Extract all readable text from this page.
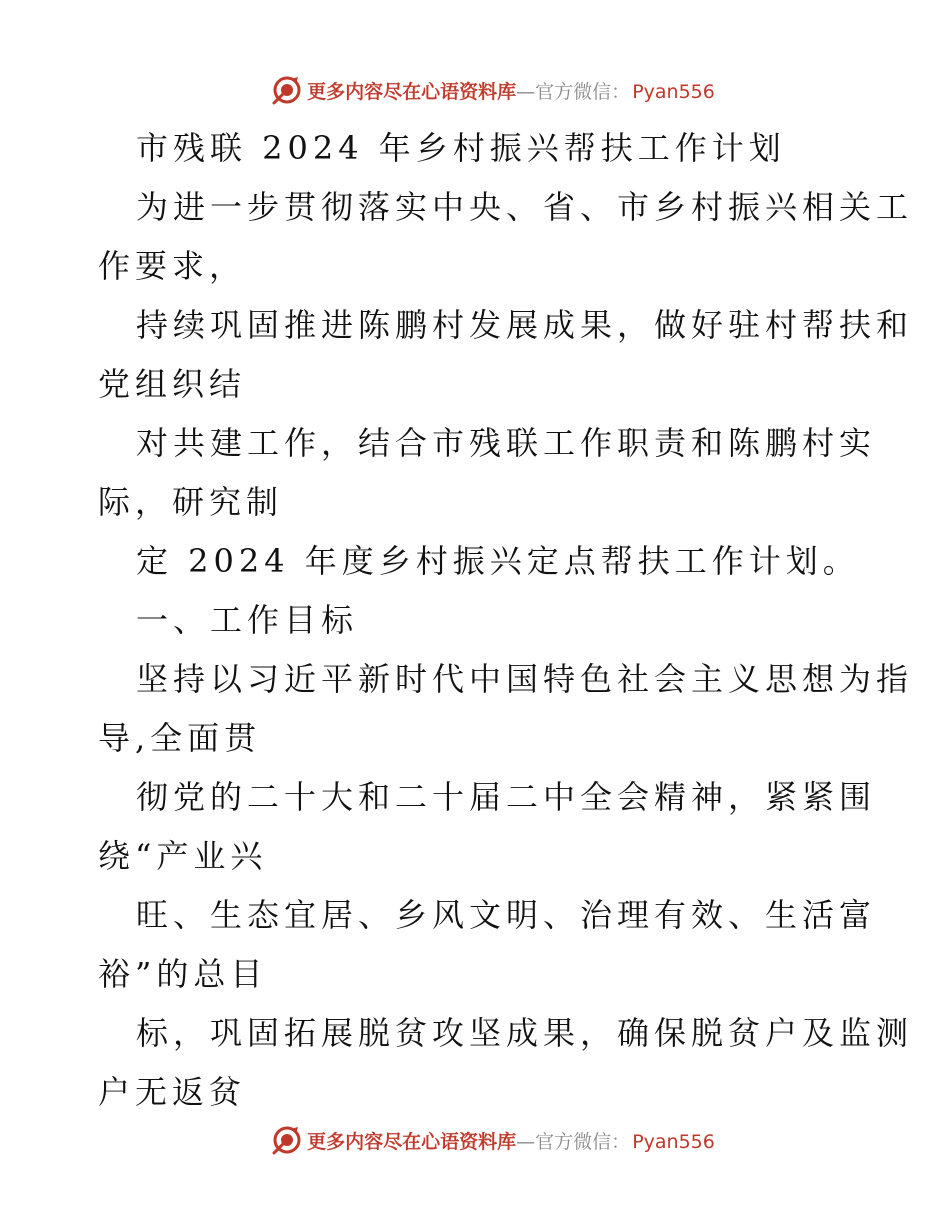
更多内容尽在心语资料库 — 官方微信： Pyan556
市残联 2024 年乡村振兴帮扶工作计划
为进一步贯彻落实中央、省、市乡村振兴相关工
作要求，
持续巩固推进陈鹏村发展成果，做好驻村帮扶和
党组织结
对共建工作，结合市残联工作职责和陈鹏村实
际，研究制
定 2024 年度乡村振兴定点帮扶工作计划。
一、工作目标
坚持以习近平新时代中国特色社会主义思想为指
导,全面贯
彻党的二十大和二十届二中全会精神，紧紧围
绕“产业兴
旺、生态宜居、乡风文明、治理有效、生活富
裕”的总目
标，巩固拓展脱贫攻坚成果，确保脱贫户及监测
户无返贫
更多内容尽在心语资料库 — 官方微信： Pyan556
